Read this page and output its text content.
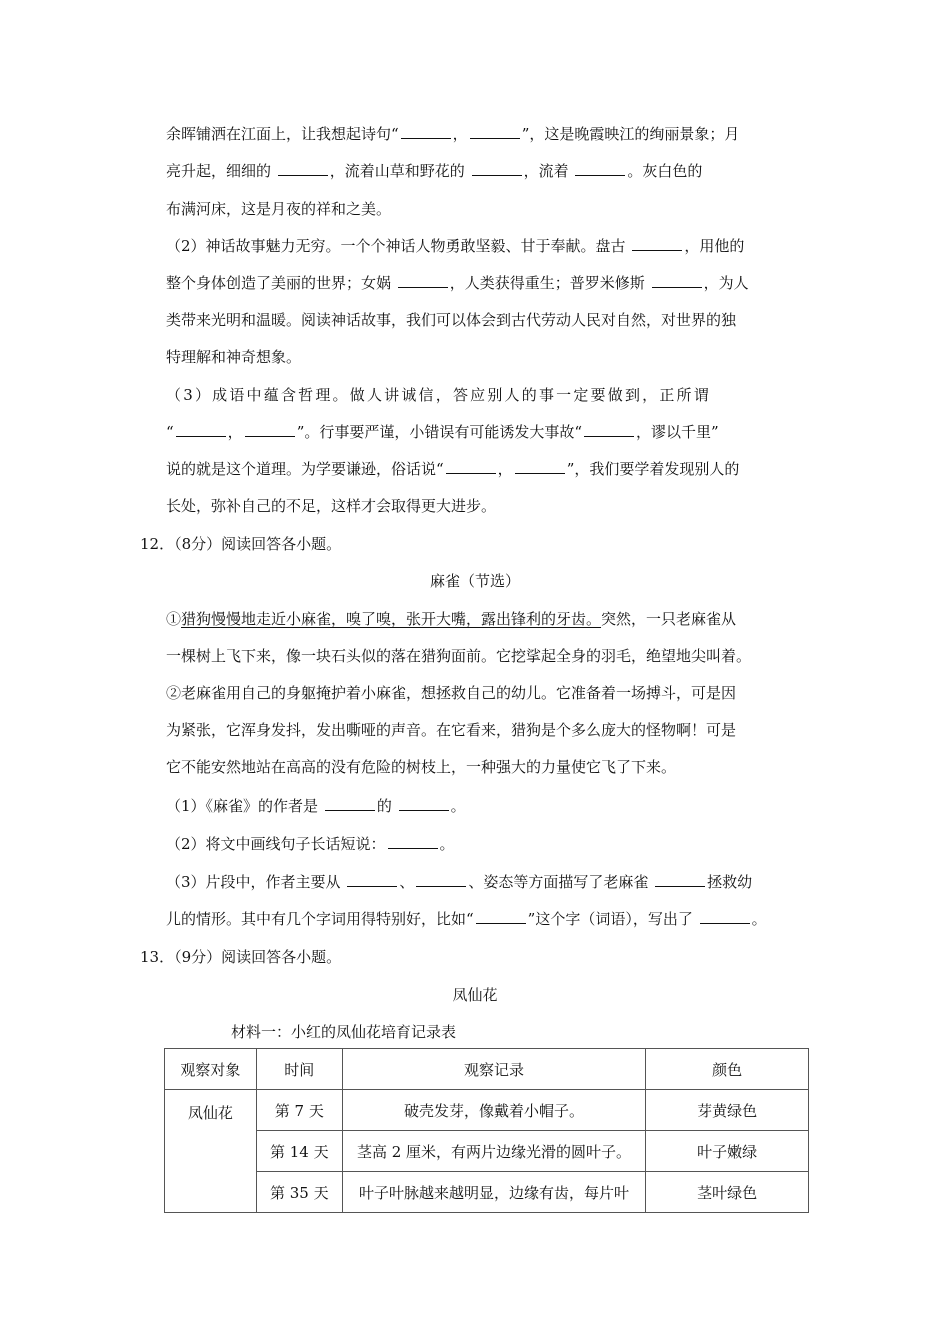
余晖铺洒在江面上，让我想起诗句“	，	”，这是晚霞映江的绚丽景象；月
亮升起，细细的	，流着山草和野花的	，流着	。灰白色的
布满河床，这是月夜的祥和之美。
（2）神话故事魅力无穷。一个个神话人物勇敢坚毅、甘于奉献。盘古	，用他的
整个身体创造了美丽的世界；女娲	，人类获得重生；普罗米修斯	，为人
类带来光明和温暖。阅读神话故事，我们可以体会到古代劳动人民对自然，对世界的独
特理解和神奇想象。
（3）成语中蕴含哲理。做人讲诚信，答应别人的事一定要做到，正所谓
“	，	”。行事要严谨，小错误有可能诱发大事故“	，谬以千里”
说的就是这个道理。为学要谦逊，俗话说“	，	”，我们要学着发现别人的
长处，弥补自己的不足，这样才会取得更大进步。
12．（8分）阅读回答各小题。
麻雀（节选）
①猎狗慢慢地走近小麻雀，嗅了嗅，张开大嘴，露出锋利的牙齿。突然，一只老麻雀从
一棵树上飞下来，像一块石头似的落在猎狗面前。它挖挲起全身的羽毛，绝望地尖叫着。
②老麻雀用自己的身躯掩护着小麻雀，想拯救自己的幼儿。它准备着一场搏斗，可是因
为紧张，它浑身发抖，发出嘶哑的声音。在它看来，猎狗是个多么庞大的怪物啊！可是
它不能安然地站在高高的没有危险的树枝上，一种强大的力量使它飞了下来。
（1）《麻雀》的作者是	的	。
（2）将文中画线句子长话短说：	。
（3）片段中，作者主要从	、	、姿态等方面描写了老麻雀	拯救幼
儿的情形。其中有几个字词用得特别好，比如“	”这个字（词语），写出了	。
13．（9分）阅读回答各小题。
凤仙花
材料一：小红的凤仙花培育记录表
观察对象	时间	观察记录	颜色
凤仙花	第 7 天	破壳发芽，像戴着小帽子。	芽黄绿色
	第 14 天	茎高 2 厘米，有两片边缘光滑的圆叶子。	叶子嫩绿
	第 35 天	叶子叶脉越来越明显，边缘有齿，每片叶	茎叶绿色
